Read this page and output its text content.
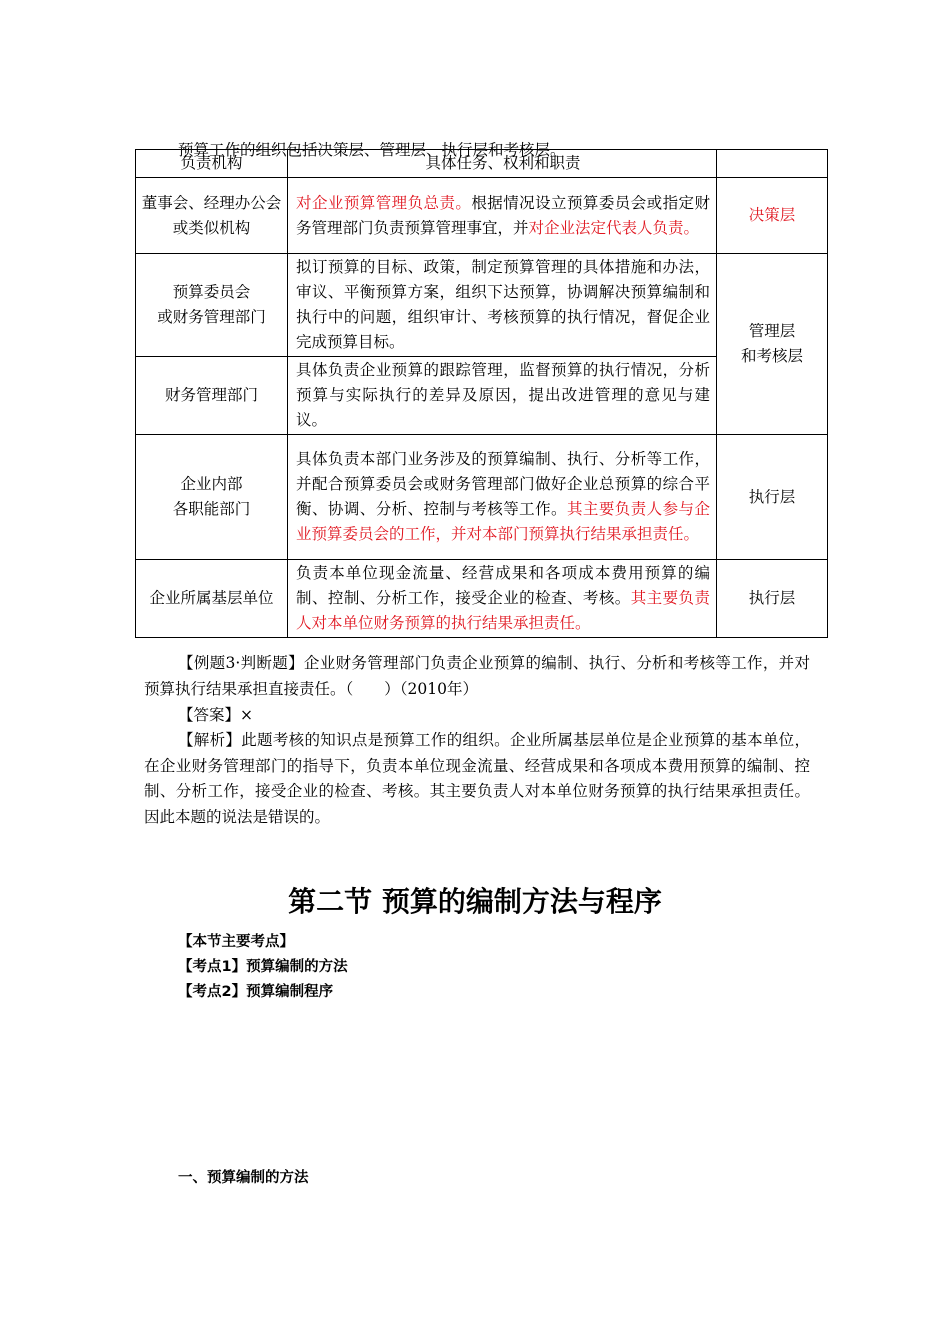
预算工作的组织包括决策层、管理层、执行层和考核层。

负责机构	具体任务、权利和职责	
董事会、经理办公会或类似机构	对企业预算管理负总责。根据情况设立预算委员会或指定财务管理部门负责预算管理事宜，并对企业法定代表人负责。	决策层
预算委员会
或财务管理部门	拟订预算的目标、政策，制定预算管理的具体措施和办法，审议、平衡预算方案，组织下达预算，协调解决预算编制和执行中的问题，组织审计、考核预算的执行情况，督促企业完成预算目标。	管理层
和考核层
财务管理部门	具体负责企业预算的跟踪管理，监督预算的执行情况，分析预算与实际执行的差异及原因，提出改进管理的意见与建议。	
企业内部
各职能部门	具体负责本部门业务涉及的预算编制、执行、分析等工作，并配合预算委员会或财务管理部门做好企业总预算的综合平衡、协调、分析、控制与考核等工作。其主要负责人参与企业预算委员会的工作，并对本部门预算执行结果承担责任。	执行层
企业所属基层单位	负责本单位现金流量、经营成果和各项成本费用预算的编制、控制、分析工作，接受企业的检查、考核。其主要负责人对本单位财务预算的执行结果承担责任。	执行层

【例题3·判断题】企业财务管理部门负责企业预算的编制、执行、分析和考核等工作，并对预算执行结果承担直接责任。（　　）（2010年）

【答案】×

【解析】此题考核的知识点是预算工作的组织。企业所属基层单位是企业预算的基本单位，在企业财务管理部门的指导下，负责本单位现金流量、经营成果和各项成本费用预算的编制、控制、分析工作，接受企业的检查、考核。其主要负责人对本单位财务预算的执行结果承担责任。因此本题的说法是错误的。

第二节 预算的编制方法与程序

【本节主要考点】

【考点1】预算编制的方法

【考点2】预算编制程序

一、预算编制的方法
